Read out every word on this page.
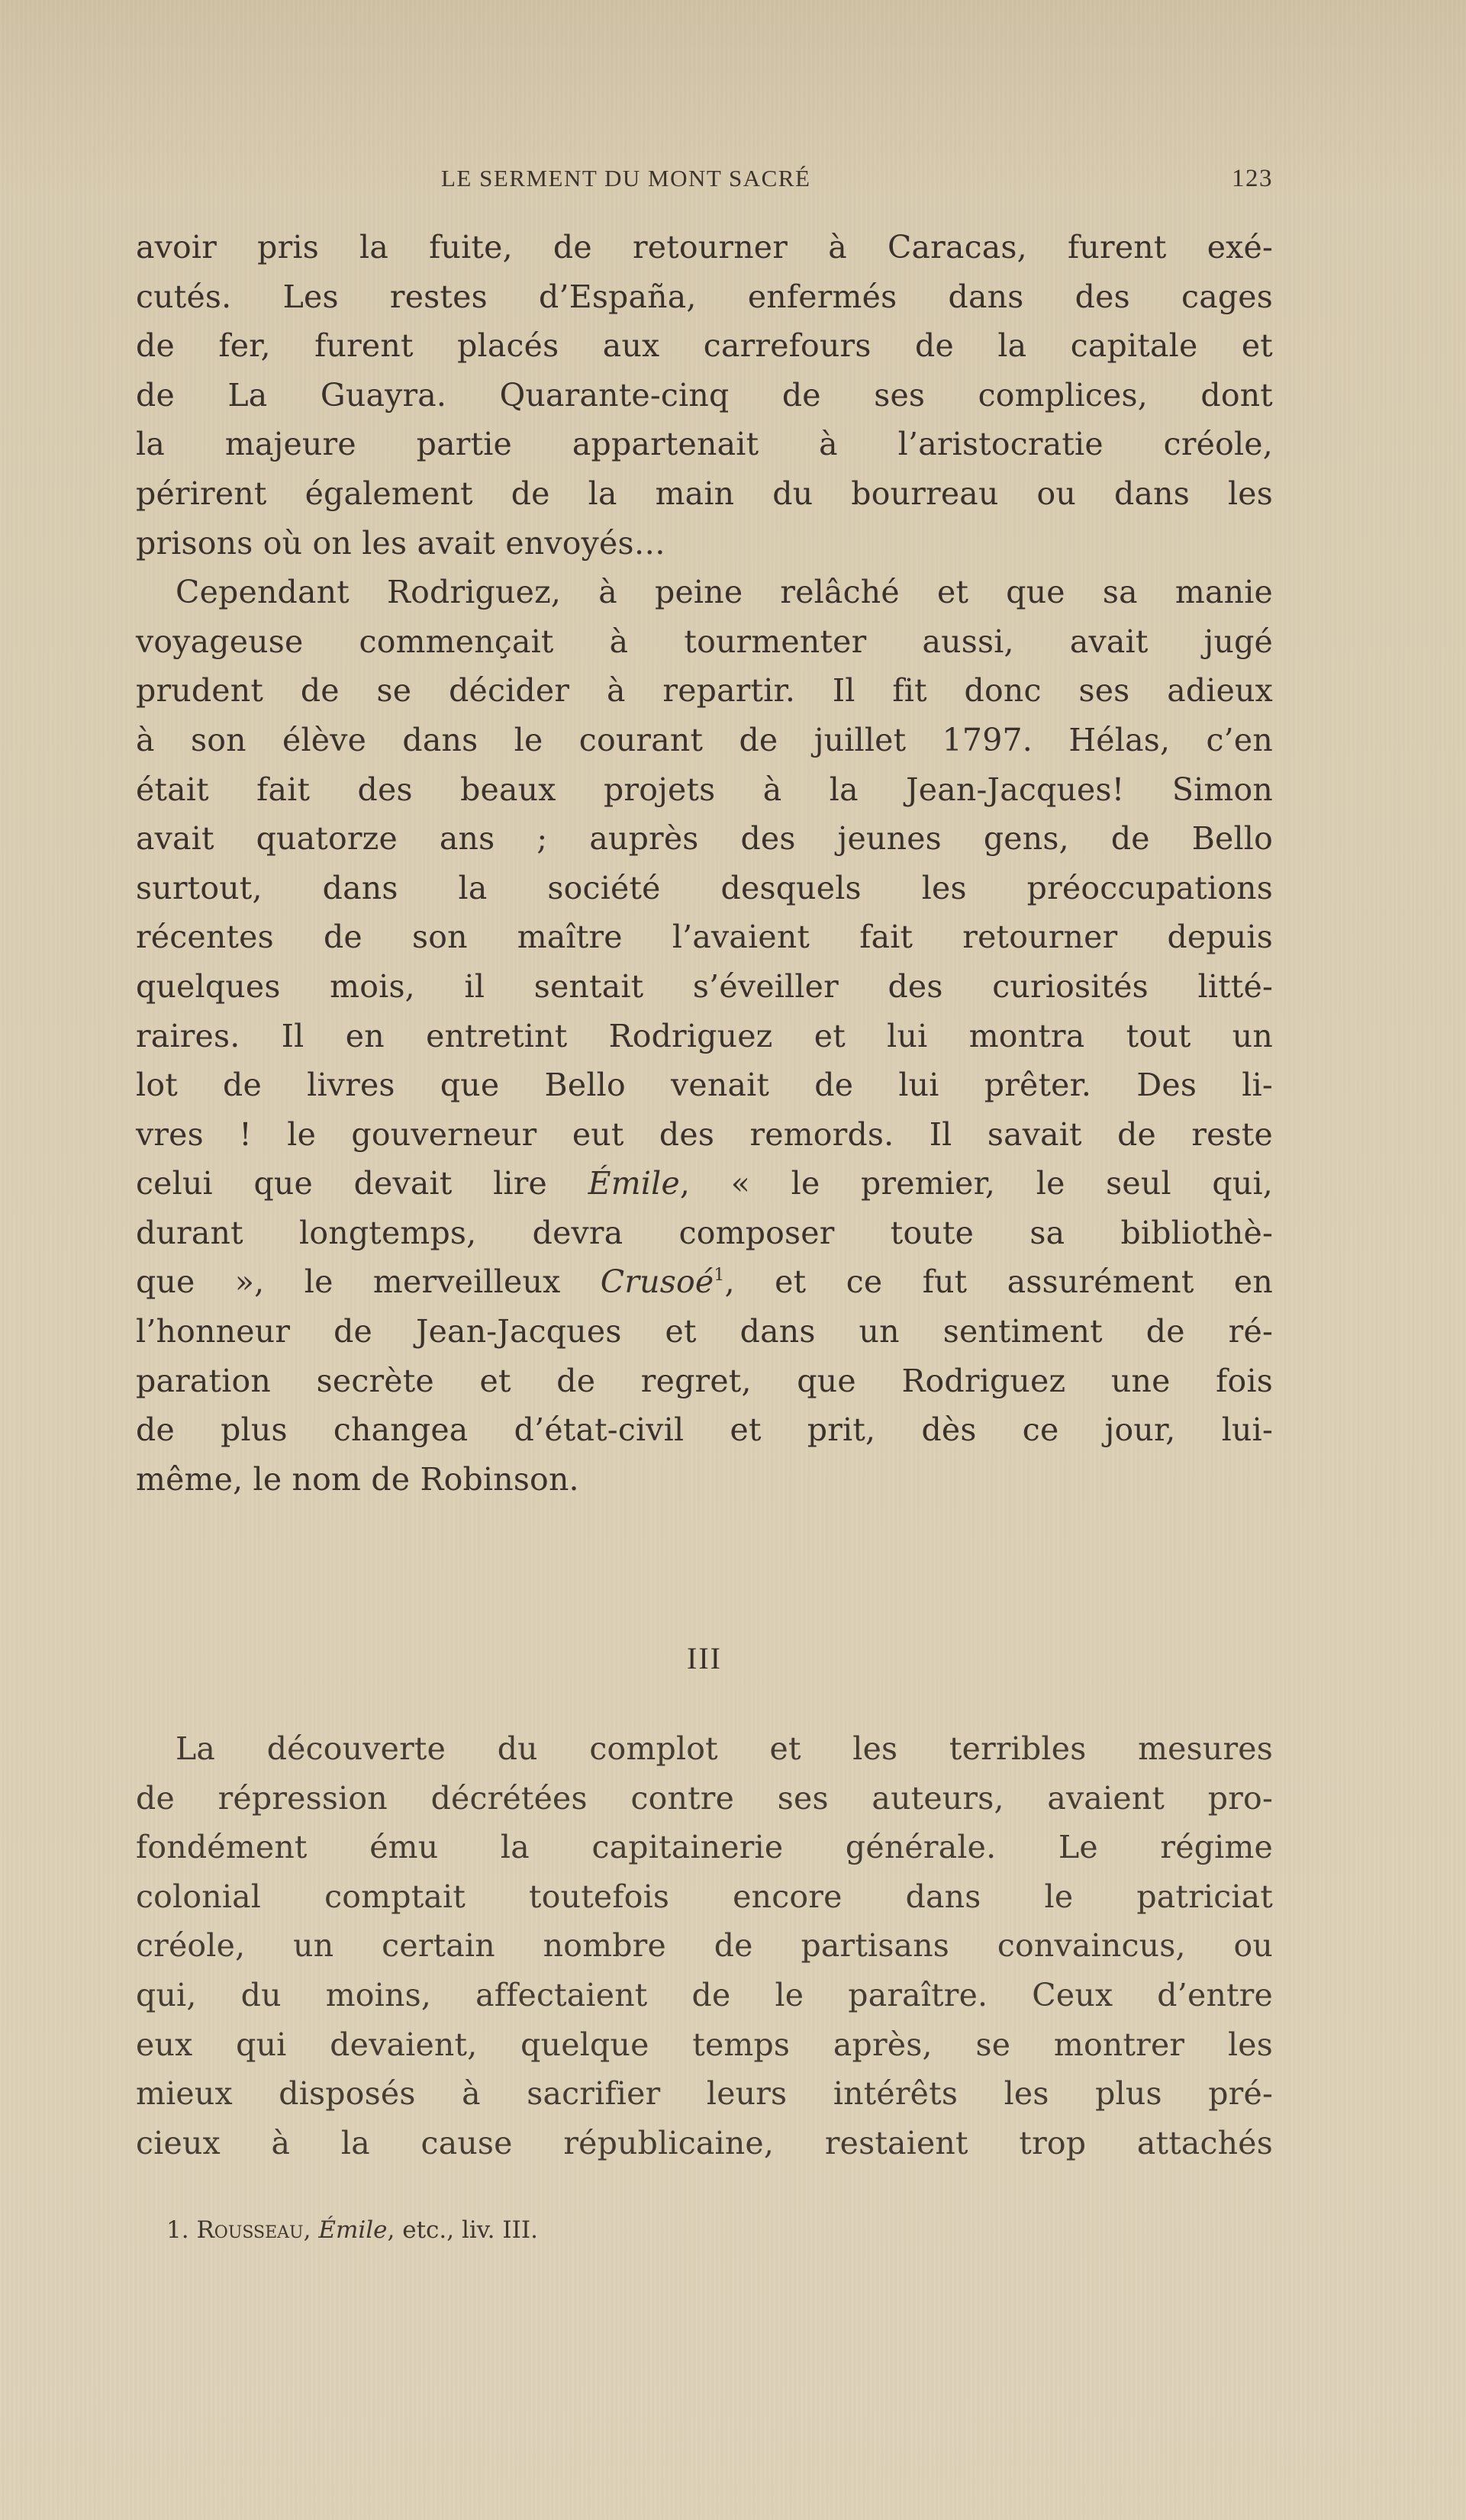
LE SERMENT DU MONT SACRÉ	123
avoir pris la fuite, de retourner à Caracas, furent exé-
cutés. Les restes d’España, enfermés dans des cages
de fer, furent placés aux carrefours de la capitale et
de La Guayra. Quarante-cinq de ses complices, dont
la majeure partie appartenait à l’aristocratie créole,
périrent également de la main du bourreau ou dans les
prisons où on les avait envoyés…
Cependant Rodriguez, à peine relâché et que sa manie
voyageuse commençait à tourmenter aussi, avait jugé
prudent de se décider à repartir. Il fit donc ses adieux
à son élève dans le courant de juillet 1797. Hélas, c’en
était fait des beaux projets à la Jean-Jacques! Simon
avait quatorze ans ; auprès des jeunes gens, de Bello
surtout, dans la société desquels les préoccupations
récentes de son maître l’avaient fait retourner depuis
quelques mois, il sentait s’éveiller des curiosités litté-
raires. Il en entretint Rodriguez et lui montra tout un
lot de livres que Bello venait de lui prêter. Des li-
vres ! le gouverneur eut des remords. Il savait de reste
celui que devait lire Émile, « le premier, le seul qui,
durant longtemps, devra composer toute sa bibliothè-
que », le merveilleux Crusoé$^1$, et ce fut assurément en
l’honneur de Jean-Jacques et dans un sentiment de ré-
paration secrète et de regret, que Rodriguez une fois
de plus changea d’état-civil et prit, dès ce jour, lui-
même, le nom de Robinson.
III
La découverte du complot et les terribles mesures
de répression décrétées contre ses auteurs, avaient pro-
fondément ému la capitainerie générale. Le régime
colonial comptait toutefois encore dans le patriciat
créole, un certain nombre de partisans convaincus, ou
qui, du moins, affectaient de le paraître. Ceux d’entre
eux qui devaient, quelque temps après, se montrer les
mieux disposés à sacrifier leurs intérêts les plus pré-
cieux à la cause républicaine, restaient trop attachés
1. Rousseau, Émile, etc., liv. III.
